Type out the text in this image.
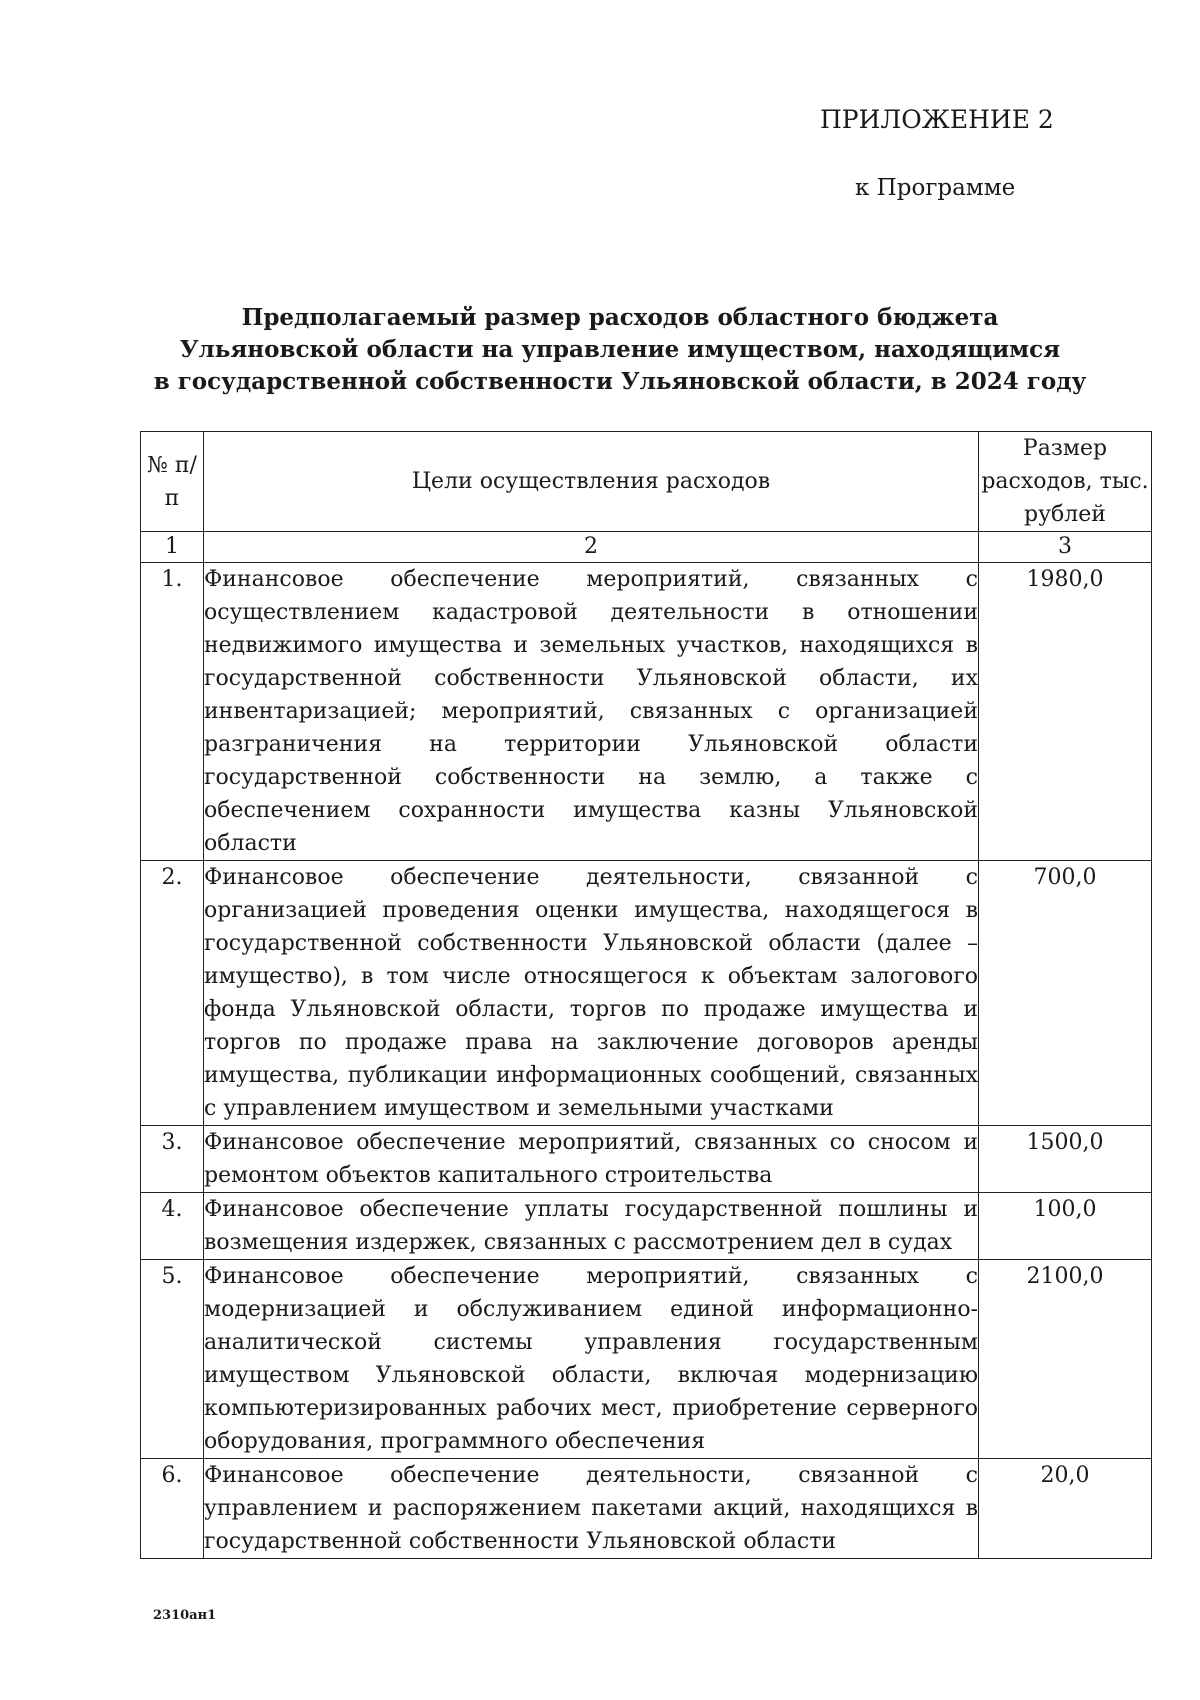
ПРИЛОЖЕНИЕ 2
к Программе
Предполагаемый размер расходов областного бюджета
Ульяновской области на управление имуществом, находящимся
в государственной собственности Ульяновской области, в 2024 году
№ п/п	Цели осуществления расходов	Размер расходов, тыс. рублей
1	2	3
1.	Финансовое обеспечение мероприятий, связанных с осуществлением кадастровой деятельности в отношении недвижимого имущества и земельных участков, находящихся в государственной собственности Ульяновской области, их инвентаризацией; мероприятий, связанных с организацией разграничения на территории Ульяновской области государственной собственности на землю, а также с обеспечением сохранности имущества казны Ульяновской области	1980,0
2.	Финансовое обеспечение деятельности, связанной с организацией проведения оценки имущества, находящегося в государственной собственности Ульяновской области (далее – имущество), в том числе относящегося к объектам залогового фонда Ульяновской области, торгов по продаже имущества и торгов по продаже права на заключение договоров аренды имущества, публикации информационных сообщений, связанных с управлением имуществом и земельными участками	700,0
3.	Финансовое обеспечение мероприятий, связанных со сносом и ремонтом объектов капитального строительства	1500,0
4.	Финансовое обеспечение уплаты государственной пошлины и возмещения издержек, связанных с рассмотрением дел в судах	100,0
5.	Финансовое обеспечение мероприятий, связанных с модернизацией и обслуживанием единой информационно-аналитической системы управления государственным имуществом Ульяновской области, включая модернизацию компьютеризированных рабочих мест, приобретение серверного оборудования, программного обеспечения	2100,0
6.	Финансовое обеспечение деятельности, связанной с управлением и распоряжением пакетами акций, находящихся в государственной собственности Ульяновской области	20,0
2310ан1
